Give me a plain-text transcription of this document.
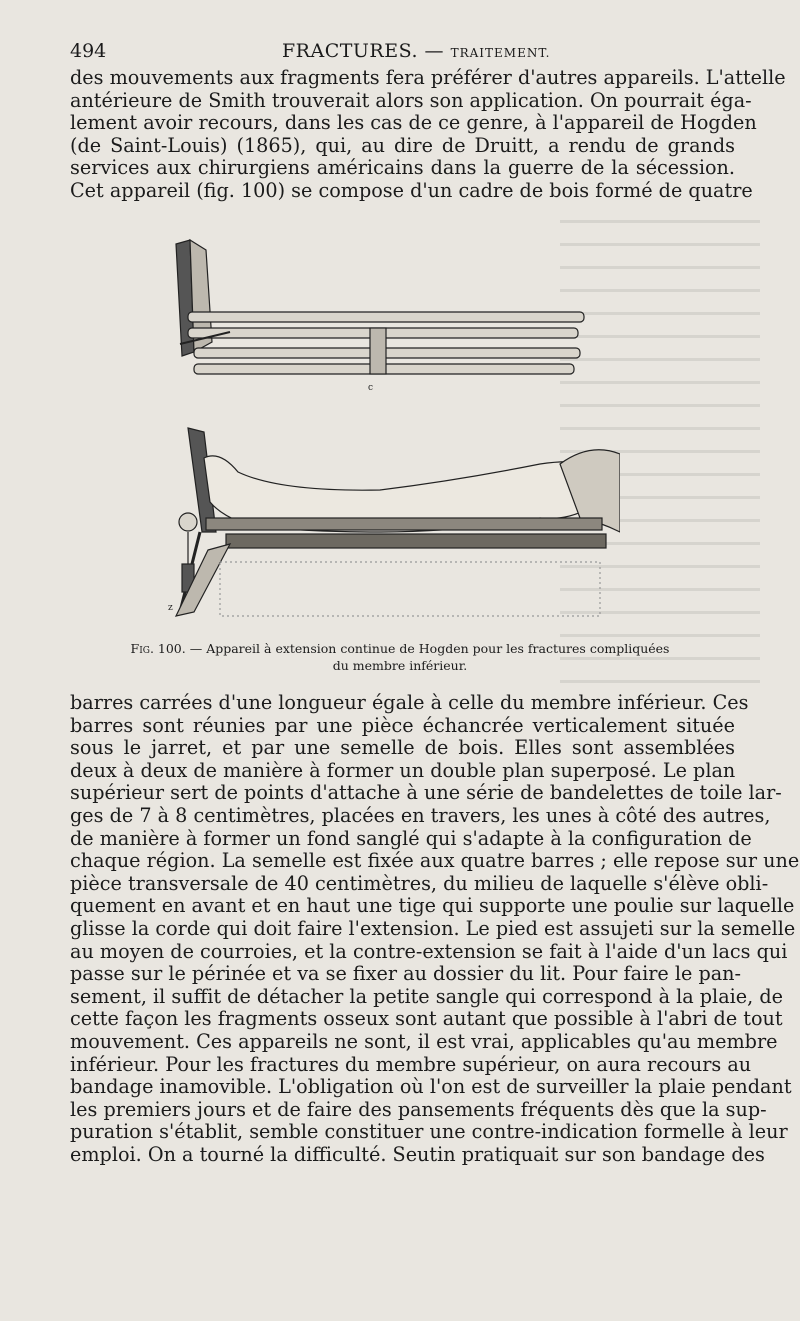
494	FRACTURES. — TRAITEMENT.
des mouvements aux fragments fera préférer d'autres appareils. L'attelle
antérieure de Smith trouverait alors son application. On pourrait éga-
lement avoir recours, dans les cas de ce genre, à l'appareil de Hogden
(de Saint-Louis) (1865), qui, au dire de Druitt, a rendu de grands
services aux chirurgiens américains dans la guerre de la sécession.
Cet appareil (fig. 100) se compose d'un cadre de bois formé de quatre
c
z
Fig. 100. — Appareil à extension continue de Hogden pour les fractures compliquées
du membre inférieur.
barres carrées d'une longueur égale à celle du membre inférieur. Ces
barres sont réunies par une pièce échancrée verticalement située
sous le jarret, et par une semelle de bois. Elles sont assemblées
deux à deux de manière à former un double plan superposé. Le plan
supérieur sert de points d'attache à une série de bandelettes de toile lar-
ges de 7 à 8 centimètres, placées en travers, les unes à côté des autres,
de manière à former un fond sanglé qui s'adapte à la configuration de
chaque région. La semelle est fixée aux quatre barres ; elle repose sur une
pièce transversale de 40 centimètres, du milieu de laquelle s'élève obli-
quement en avant et en haut une tige qui supporte une poulie sur laquelle
glisse la corde qui doit faire l'extension. Le pied est assujeti sur la semelle
au moyen de courroies, et la contre-extension se fait à l'aide d'un lacs qui
passe sur le périnée et va se fixer au dossier du lit. Pour faire le pan-
sement, il suffit de détacher la petite sangle qui correspond à la plaie, de
cette façon les fragments osseux sont autant que possible à l'abri de tout
mouvement. Ces appareils ne sont, il est vrai, applicables qu'au membre
inférieur. Pour les fractures du membre supérieur, on aura recours au
bandage inamovible. L'obligation où l'on est de surveiller la plaie pendant
les premiers jours et de faire des pansements fréquents dès que la sup-
puration s'établit, semble constituer une contre-indication formelle à leur
emploi. On a tourné la difficulté. Seutin pratiquait sur son bandage des
